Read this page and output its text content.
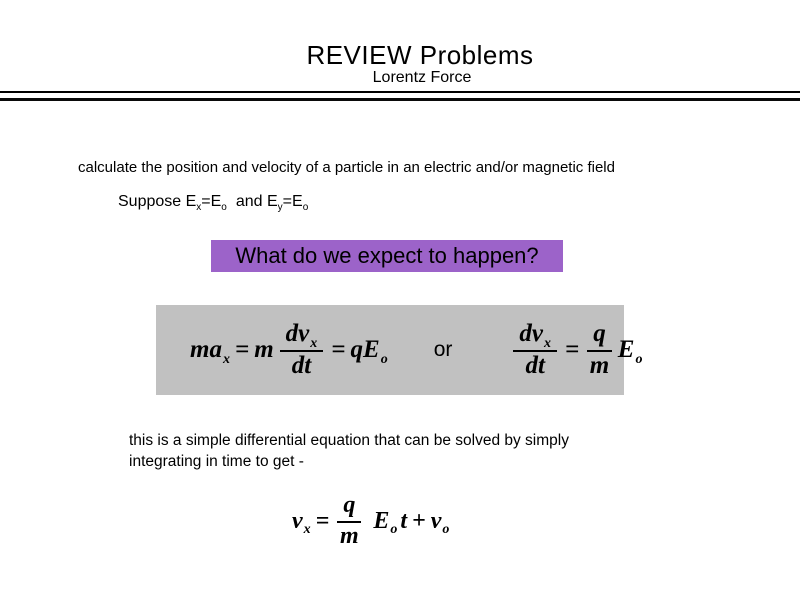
REVIEW Problems
Lorentz Force

calculate the position and velocity of a particle in an electric and/or magnetic field

Suppose $E_x=E_o$ and $E_y=E_o$

What do we expect to happen?
$ma_x = m \frac{dv_x}{dt} = qE_o$ or $\frac{dv_x}{dt} = \frac{q}{m} E_o$

this is a simple differential equation that can be solved by simply
integrating in time to get -

$v_x = \frac{q}{m} E_o$ $t + v_o$
